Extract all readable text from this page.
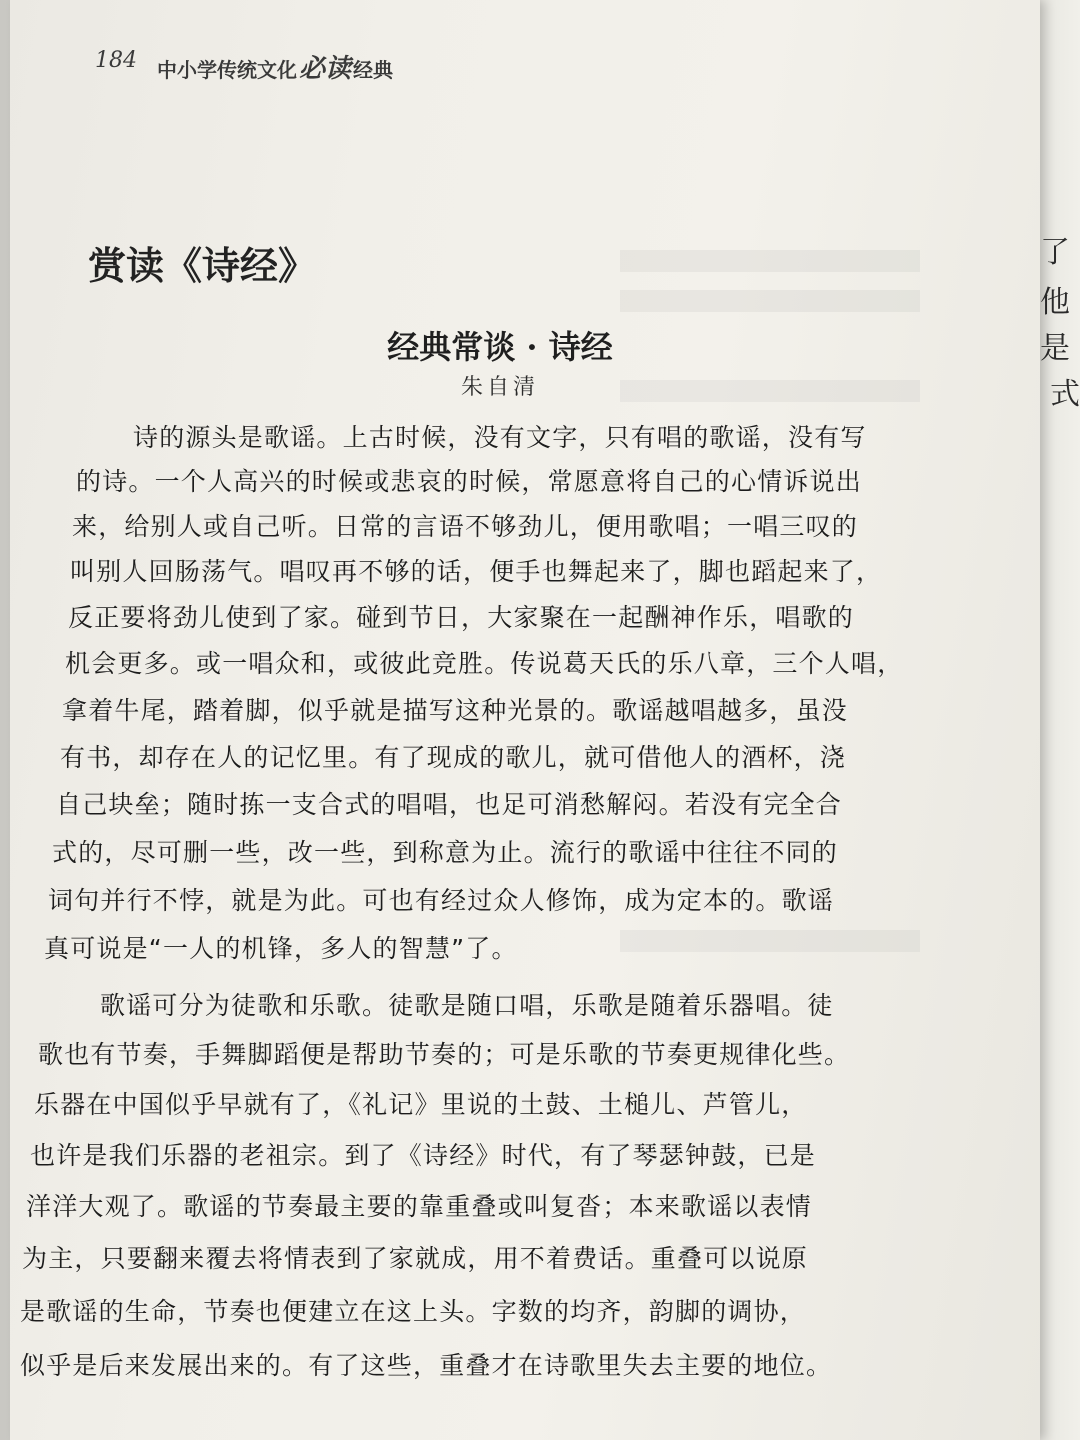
了
他
是
式
184 中小学传统文化必读 经典
赏读《诗经》
经典常谈 · 诗经
朱自清
诗的源头是歌谣。上古时候，没有文字，只有唱的歌谣，没有写
的诗。一个人高兴的时候或悲哀的时候，常愿意将自己的心情诉说出
来，给别人或自己听。日常的言语不够劲儿，便用歌唱；一唱三叹的
叫别人回肠荡气。唱叹再不够的话，便手也舞起来了，脚也蹈起来了，
反正要将劲儿使到了家。碰到节日，大家聚在一起酬神作乐，唱歌的
机会更多。或一唱众和，或彼此竞胜。传说葛天氏的乐八章，三个人唱，
拿着牛尾，踏着脚，似乎就是描写这种光景的。歌谣越唱越多，虽没
有书，却存在人的记忆里。有了现成的歌儿，就可借他人的酒杯，浇
自己块垒；随时拣一支合式的唱唱，也足可消愁解闷。若没有完全合
式的，尽可删一些，改一些，到称意为止。流行的歌谣中往往不同的
词句并行不悖，就是为此。可也有经过众人修饰，成为定本的。歌谣
真可说是“一人的机锋，多人的智慧”了。
歌谣可分为徒歌和乐歌。徒歌是随口唱，乐歌是随着乐器唱。徒
歌也有节奏，手舞脚蹈便是帮助节奏的；可是乐歌的节奏更规律化些。
乐器在中国似乎早就有了，《礼记》里说的土鼓、土槌儿、芦管儿，
也许是我们乐器的老祖宗。到了《诗经》时代，有了琴瑟钟鼓，已是
洋洋大观了。歌谣的节奏最主要的靠重叠或叫复沓；本来歌谣以表情
为主，只要翻来覆去将情表到了家就成，用不着费话。重叠可以说原
是歌谣的生命，节奏也便建立在这上头。字数的均齐，韵脚的调协，
似乎是后来发展出来的。有了这些，重叠才在诗歌里失去主要的地位。
